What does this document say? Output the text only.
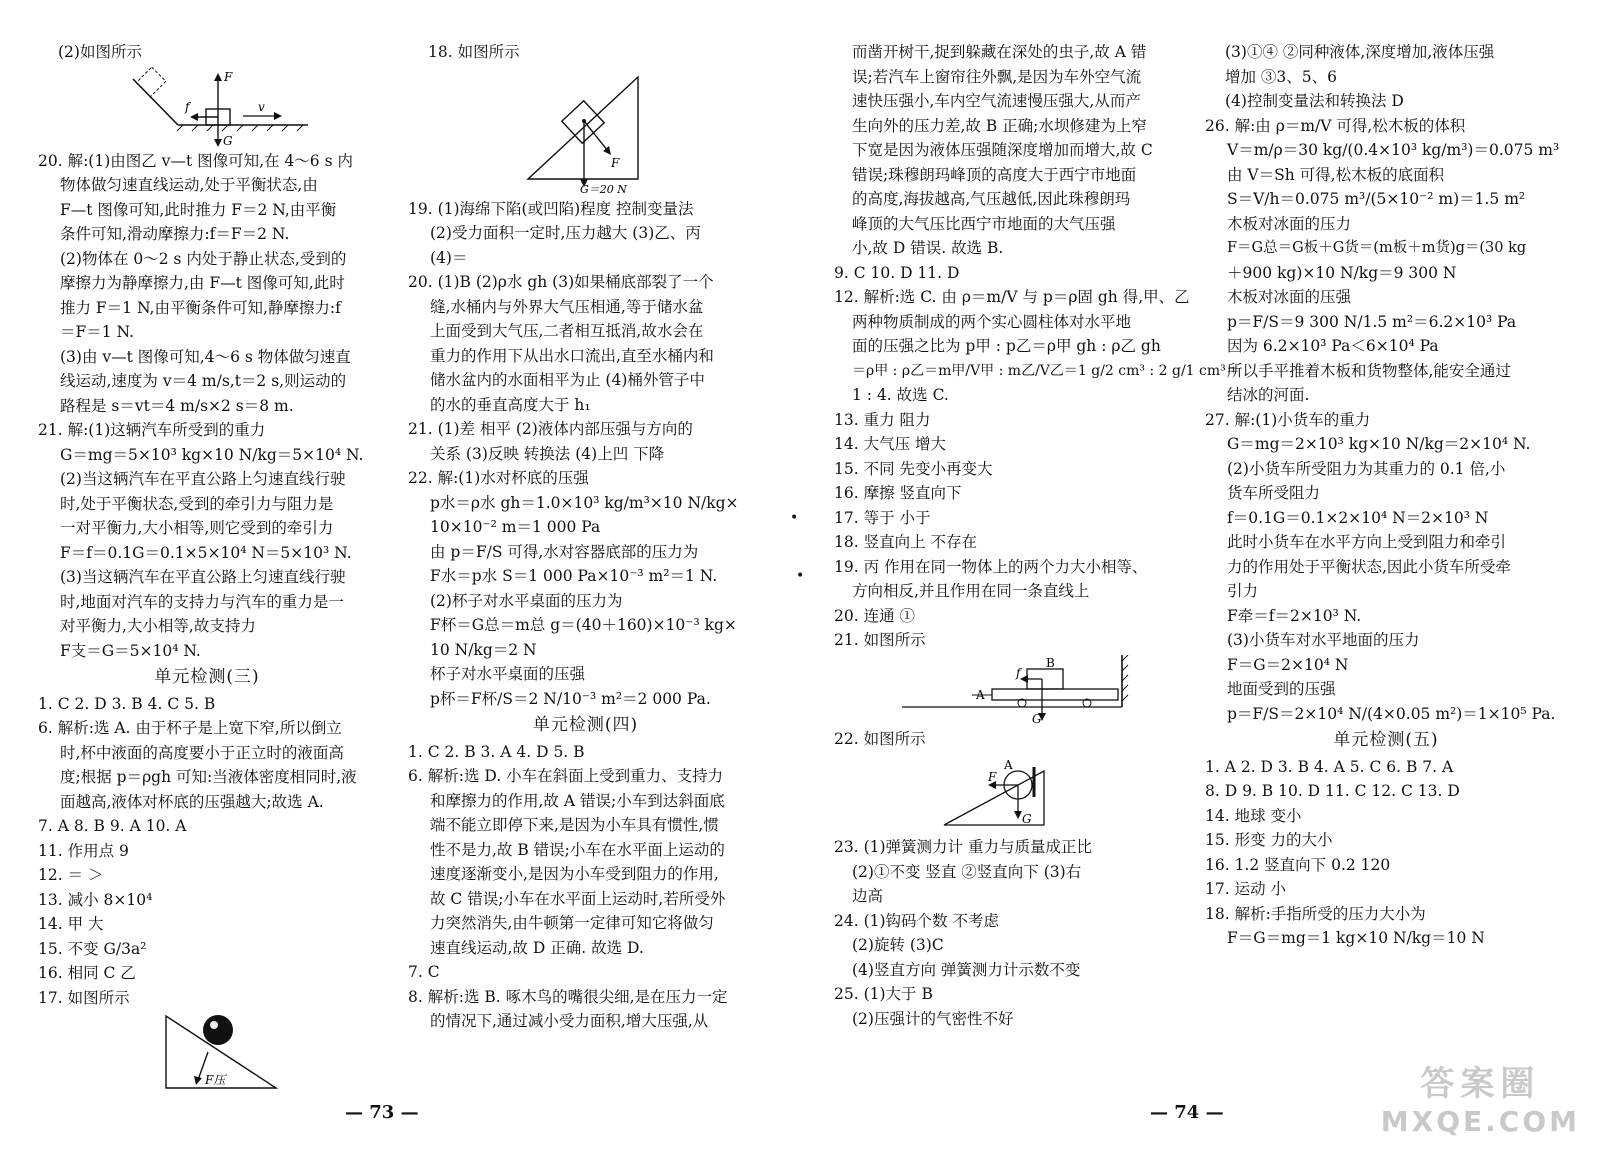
(2)如图所示
F
G
f	v
20. 解:(1)由图乙 v—t 图像可知,在 4～6 s 内
物体做匀速直线运动,处于平衡状态,由
F—t 图像可知,此时推力 F＝2 N,由平衡
条件可知,滑动摩擦力:f＝F＝2 N.
(2)物体在 0～2 s 内处于静止状态,受到的
摩擦力为静摩擦力,由 F—t 图像可知,此时
推力 F＝1 N,由平衡条件可知,静摩擦力:f
＝F＝1 N.
(3)由 v—t 图像可知,4～6 s 物体做匀速直
线运动,速度为 v＝4 m/s,t＝2 s,则运动的
路程是 s＝vt＝4 m/s×2 s＝8 m.
21. 解:(1)这辆汽车所受到的重力
G＝mg＝5×10³ kg×10 N/kg＝5×10⁴ N.
(2)当这辆汽车在平直公路上匀速直线行驶
时,处于平衡状态,受到的牵引力与阻力是
一对平衡力,大小相等,则它受到的牵引力
F＝f＝0.1G＝0.1×5×10⁴ N＝5×10³ N.
(3)当这辆汽车在平直公路上匀速直线行驶
时,地面对汽车的支持力与汽车的重力是一
对平衡力,大小相等,故支持力
F支＝G＝5×10⁴ N.
单元检测(三)
1. C 2. D 3. B 4. C 5. B
6. 解析:选 A. 由于杯子是上宽下窄,所以倒立
时,杯中液面的高度要小于正立时的液面高
度;根据 p＝ρgh 可知:当液体密度相同时,液
面越高,液体对杯底的压强越大;故选 A.
7. A 8. B 9. A 10. A
11. 作用点 9
12. ＝ ＞
13. 减小 8×10⁴
14. 甲 大
15. 不变 G/3a²
16. 相同 C 乙
17. 如图所示
F压
18. 如图所示
F
G＝20 N
19. (1)海绵下陷(或凹陷)程度 控制变量法
(2)受力面积一定时,压力越大 (3)乙、丙
(4)＝
20. (1)B (2)ρ水 gh (3)如果桶底部裂了一个
缝,水桶内与外界大气压相通,等于储水盆
上面受到大气压,二者相互抵消,故水会在
重力的作用下从出水口流出,直至水桶内和
储水盆内的水面相平为止 (4)桶外管子中
的水的垂直高度大于 h₁
21. (1)差 相平 (2)液体内部压强与方向的
关系 (3)反映 转换法 (4)上凹 下降
22. 解:(1)水对杯底的压强
p水＝ρ水 gh＝1.0×10³ kg/m³×10 N/kg×
10×10⁻² m＝1 000 Pa
由 p＝F/S 可得,水对容器底部的压力为
F水＝p水 S＝1 000 Pa×10⁻³ m²＝1 N.
(2)杯子对水平桌面的压力为
F杯＝G总＝m总 g＝(40＋160)×10⁻³ kg×
10 N/kg＝2 N
杯子对水平桌面的压强
p杯＝F杯/S＝2 N/10⁻³ m²＝2 000 Pa.
单元检测(四)
1. C 2. B 3. A 4. D 5. B
6. 解析:选 D. 小车在斜面上受到重力、支持力
和摩擦力的作用,故 A 错误;小车到达斜面底
端不能立即停下来,是因为小车具有惯性,惯
性不是力,故 B 错误;小车在水平面上运动的
速度逐渐变小,是因为小车受到阻力的作用,
故 C 错误;小车在水平面上运动时,若所受外
力突然消失,由牛顿第一定律可知它将做匀
速直线运动,故 D 正确. 故选 D.
7. C
8. 解析:选 B. 啄木鸟的嘴很尖细,是在压力一定
的情况下,通过减小受力面积,增大压强,从
•
•
而凿开树干,捉到躲藏在深处的虫子,故 A 错
误;若汽车上窗帘往外飘,是因为车外空气流
速快压强小,车内空气流速慢压强大,从而产
生向外的压力差,故 B 正确;水坝修建为上窄
下宽是因为液体压强随深度增加而增大,故 C
错误;珠穆朗玛峰顶的高度大于西宁市地面
的高度,海拔越高,气压越低,因此珠穆朗玛
峰顶的大气压比西宁市地面的大气压强
小,故 D 错误. 故选 B.
9. C 10. D 11. D
12. 解析:选 C. 由 ρ＝m/V 与 p＝ρ固 gh 得,甲、乙
两种物质制成的两个实心圆柱体对水平地
面的压强之比为 p甲 : p乙＝ρ甲 gh : ρ乙 gh
＝ρ甲 : ρ乙＝m甲/V甲 : m乙/V乙＝1 g/2 cm³ : 2 g/1 cm³＝
1 : 4. 故选 C.
13. 重力 阻力
14. 大气压 增大
15. 不同 先变小再变大
16. 摩擦 竖直向下
17. 等于 小于
18. 竖直向上 不存在
19. 丙 作用在同一物体上的两个力大小相等、
方向相反,并且作用在同一条直线上
20. 连通 ①
21. 如图所示
f
B
A
G
22. 如图所示
F
A
G
23. (1)弹簧测力计 重力与质量成正比
(2)①不变 竖直 ②竖直向下 (3)右
边高
24. (1)钩码个数 不考虑
(2)旋转 (3)C
(4)竖直方向 弹簧测力计示数不变
25. (1)大于 B
(2)压强计的气密性不好
(3)①④ ②同种液体,深度增加,液体压强
增加 ③3、5、6
(4)控制变量法和转换法 D
26. 解:由 ρ＝m/V 可得,松木板的体积
V＝m/ρ＝30 kg/(0.4×10³ kg/m³)＝0.075 m³
由 V＝Sh 可得,松木板的底面积
S＝V/h＝0.075 m³/(5×10⁻² m)＝1.5 m²
木板对冰面的压力
F＝G总＝G板＋G货＝(m板＋m货)g＝(30 kg
＋900 kg)×10 N/kg＝9 300 N
木板对冰面的压强
p＝F/S＝9 300 N/1.5 m²＝6.2×10³ Pa
因为 6.2×10³ Pa＜6×10⁴ Pa
所以手平推着木板和货物整体,能安全通过
结冰的河面.
27. 解:(1)小货车的重力
G＝mg＝2×10³ kg×10 N/kg＝2×10⁴ N.
(2)小货车所受阻力为其重力的 0.1 倍,小
货车所受阻力
f＝0.1G＝0.1×2×10⁴ N＝2×10³ N
此时小货车在水平方向上受到阻力和牵引
力的作用处于平衡状态,因此小货车所受牵
引力
F牵＝f＝2×10³ N.
(3)小货车对水平地面的压力
F＝G＝2×10⁴ N
地面受到的压强
p＝F/S＝2×10⁴ N/(4×0.05 m²)＝1×10⁵ Pa.
单元检测(五)
1. A 2. D 3. B 4. A 5. C 6. B 7. A
8. D 9. B 10. D 11. C 12. C 13. D
14. 地球 变小
15. 形变 力的大小
16. 1.2 竖直向下 0.2 120
17. 运动 小
18. 解析:手指所受的压力大小为
F＝G＝mg＝1 kg×10 N/kg＝10 N
— 73 —	— 74 —
答案圈
MXQE.COM
